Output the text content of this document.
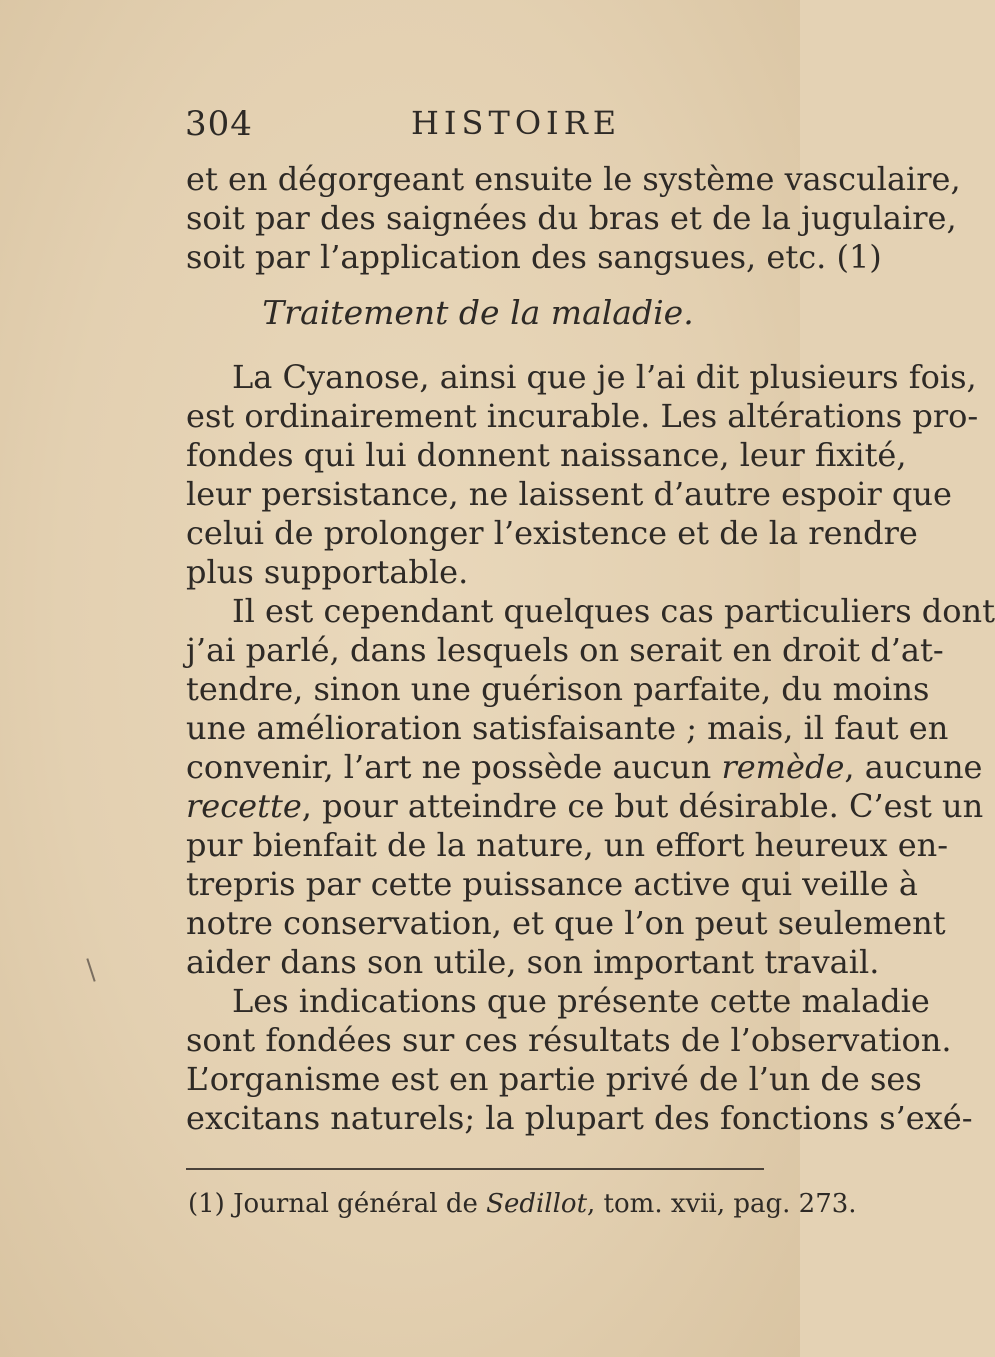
304	HISTOIRE
et en dégorgeant ensuite le système vasculaire,
soit par des saignées du bras et de la jugulaire,
soit par l’application des sangsues, etc. (1)
Traitement de la maladie.
La Cyanose, ainsi que je l’ai dit plusieurs fois,
est ordinairement incurable. Les altérations pro-
fondes qui lui donnent naissance, leur fixité,
leur persistance, ne laissent d’autre espoir que
celui de prolonger l’existence et de la rendre
plus supportable.
Il est cependant quelques cas particuliers dont
j’ai parlé, dans lesquels on serait en droit d’at-
tendre, sinon une guérison parfaite, du moins
une amélioration satisfaisante ; mais, il faut en
convenir, l’art ne possède aucun remède, aucune
recette, pour atteindre ce but désirable. C’est un
pur bienfait de la nature, un effort heureux en-
trepris par cette puissance active qui veille à
notre conservation, et que l’on peut seulement
aider dans son utile, son important travail.
Les indications que présente cette maladie
sont fondées sur ces résultats de l’observation.
L’organisme est en partie privé de l’un de ses
excitans naturels; la plupart des fonctions s’exé-
(1) Journal général de Sedillot, tom. xvii, pag. 273.
